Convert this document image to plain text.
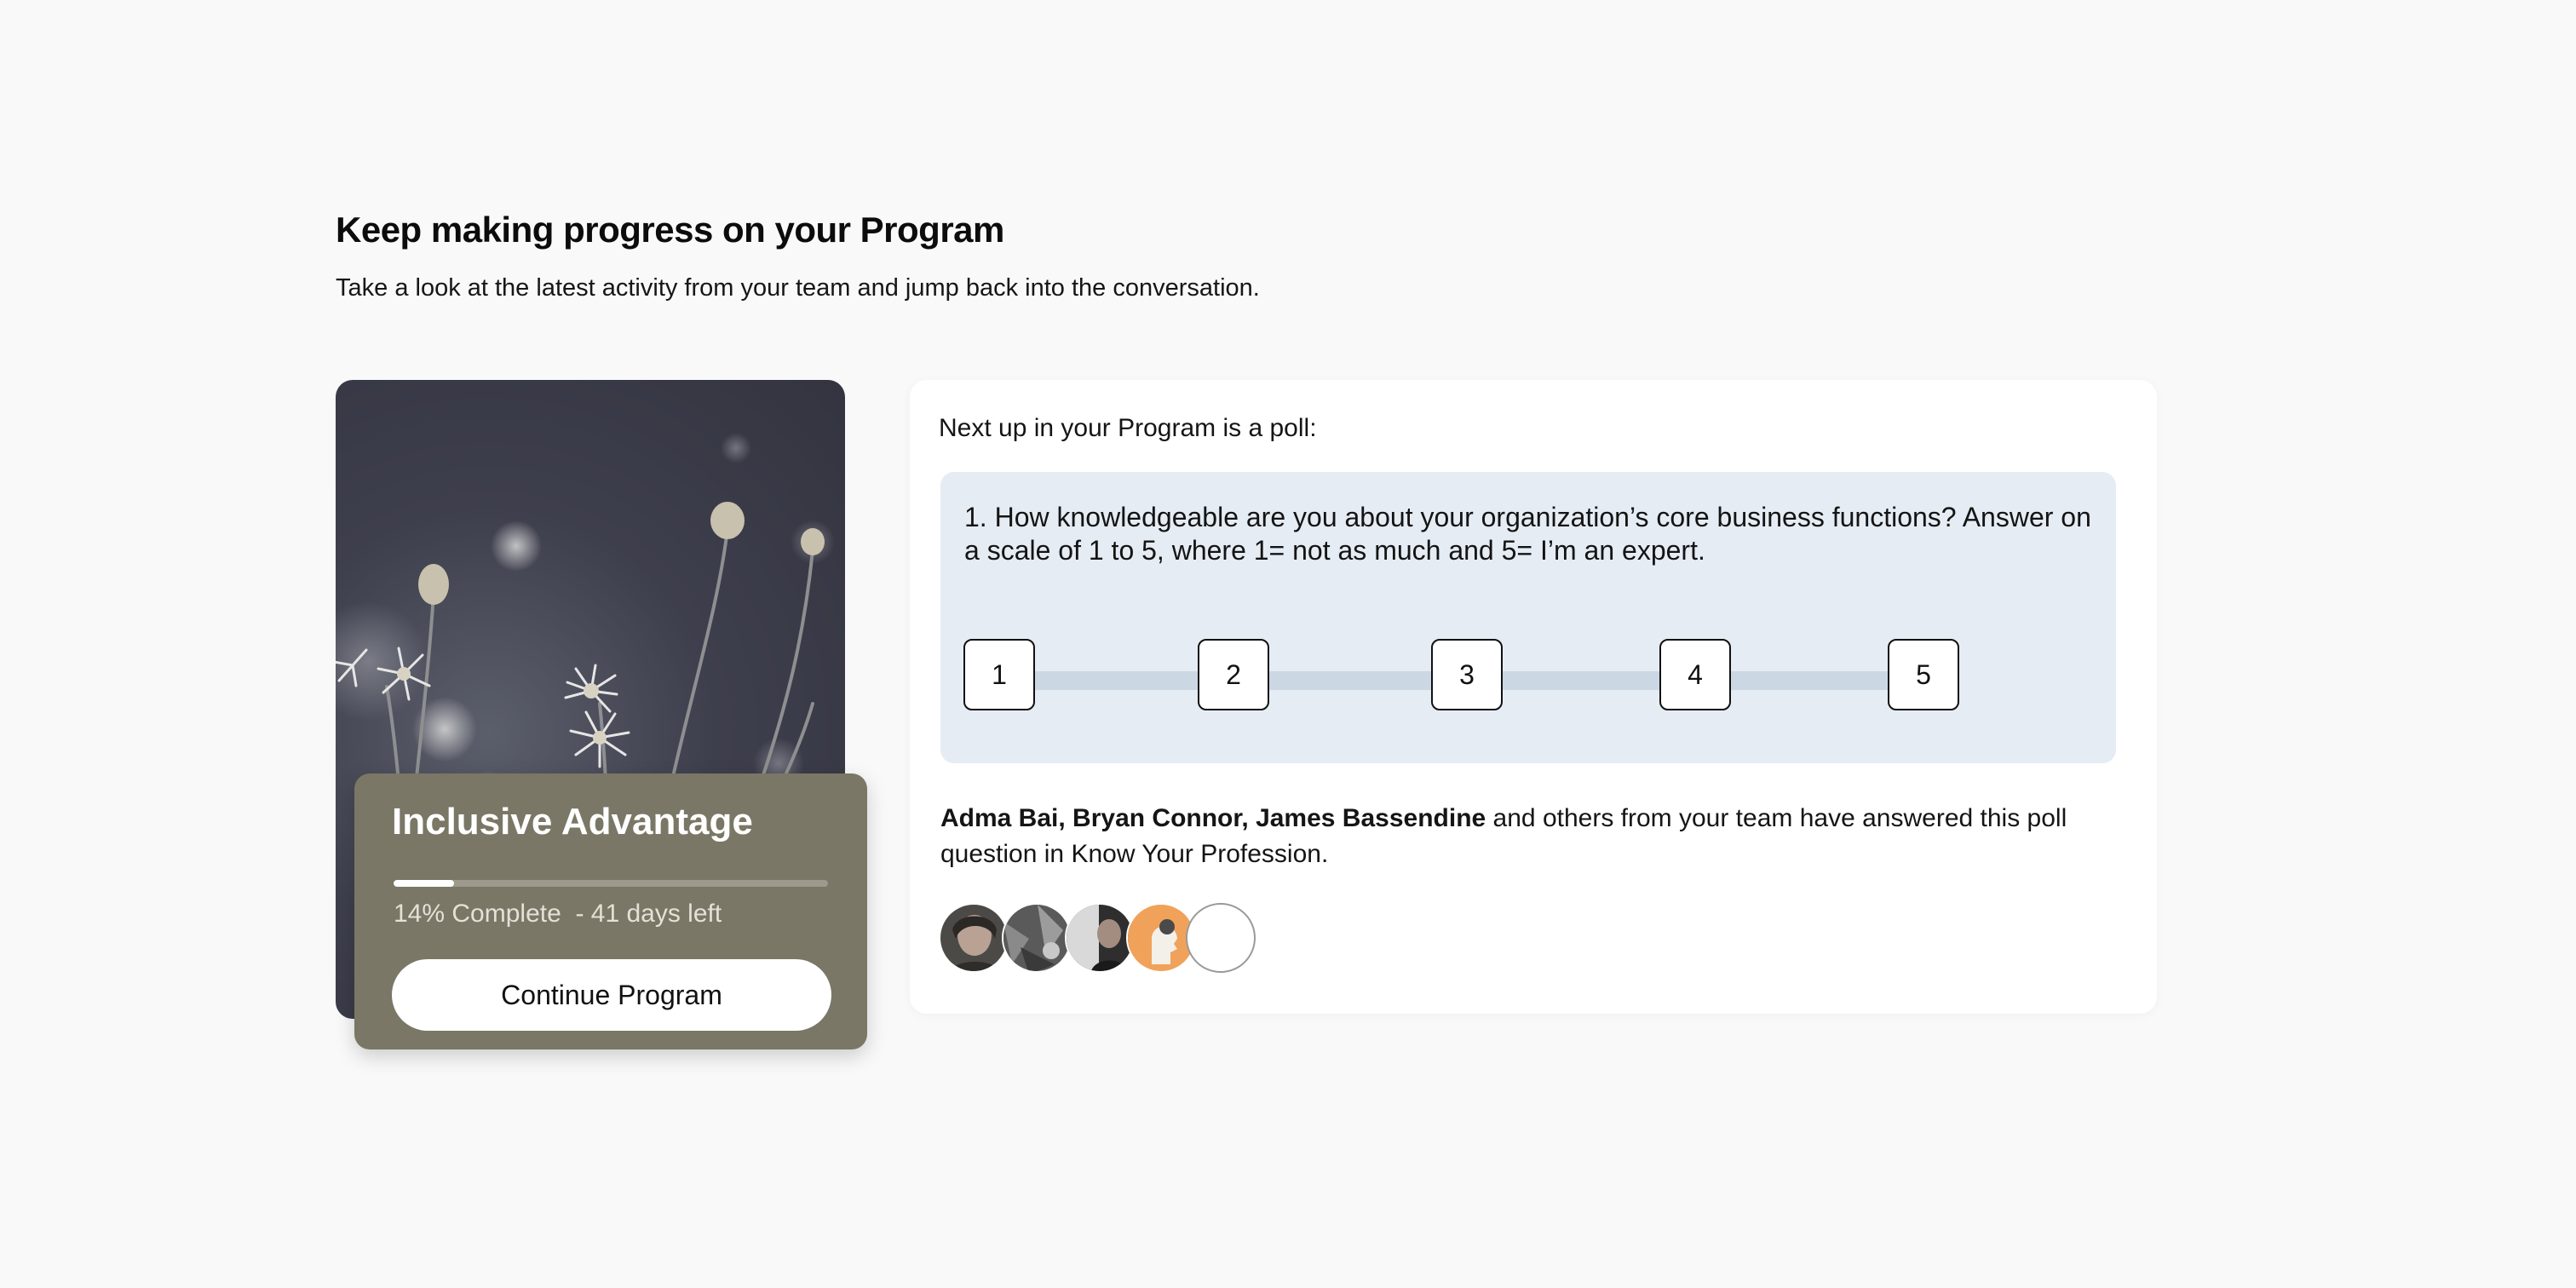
Keep making progress on your Program
Take a look at the latest activity from your team and jump back into the conversation.
Inclusive Advantage
14% Complete  - 41 days left
Continue Program
Next up in your Program is a poll:
1. How knowledgeable are you about your organization’s core business functions? Answer on a scale of 1 to 5, where 1= not as much and 5= I’m an expert.
1	2	3	4	5
Adma Bai, Bryan Connor, James Bassendine and others from your team have answered this poll question in Know Your Profession.
